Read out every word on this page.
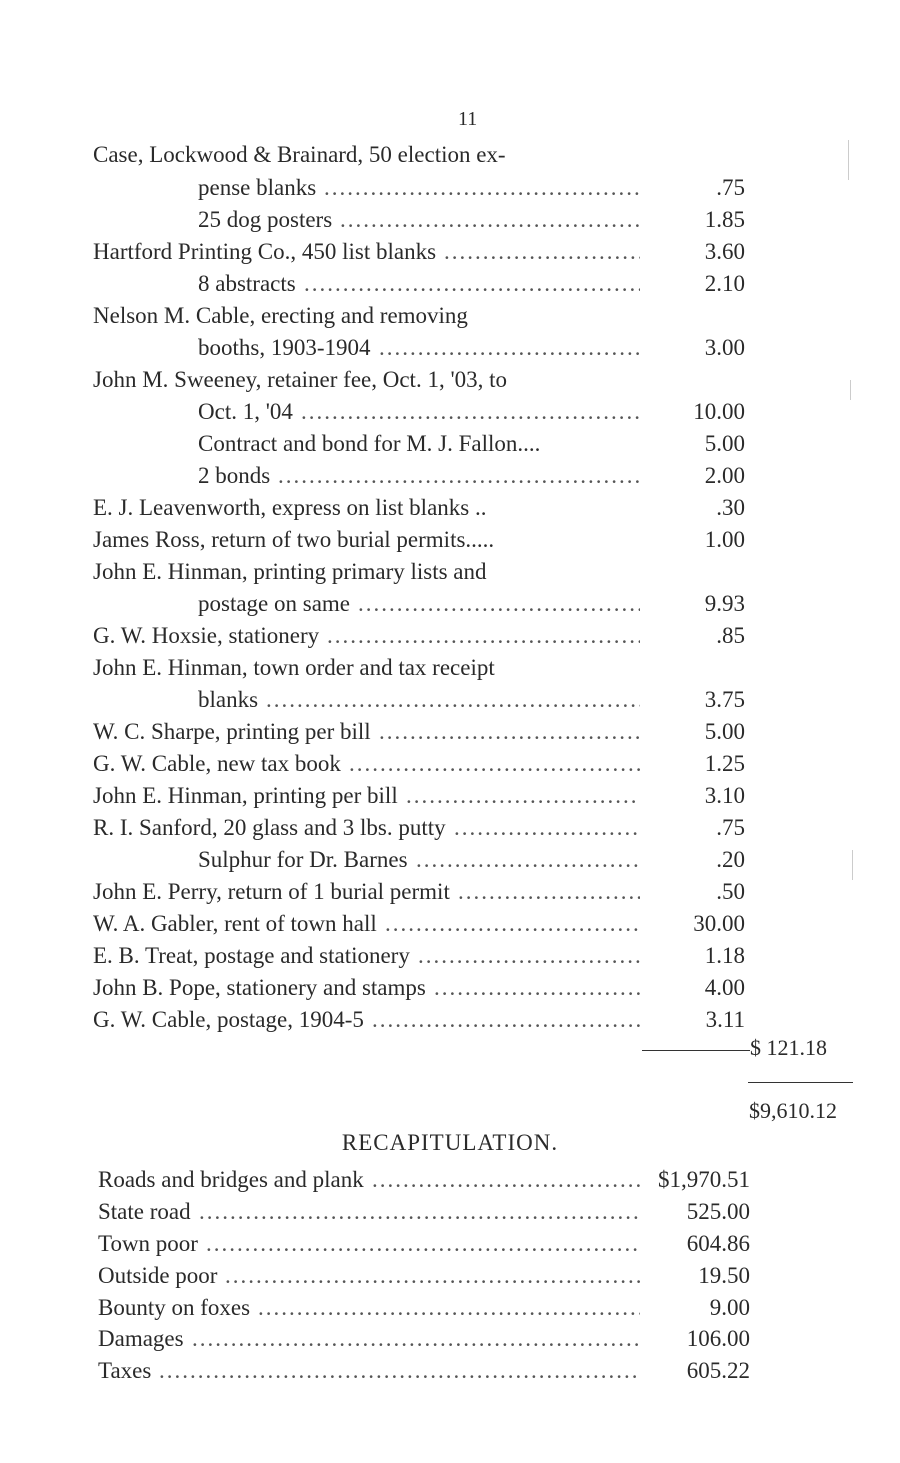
11
Case, Lockwood & Brainard, 50 election ex-
pense blanks .....	.75
25 dog posters .....	1.85
Hartford Printing Co., 450 list blanks .....	3.60
8 abstracts .....	2.10
Nelson M. Cable, erecting and removing
booths, 1903-1904 .....	3.00
John M. Sweeney, retainer fee, Oct. 1, '03, to
Oct. 1, '04 .....	10.00
Contract and bond for M. J. Fallon....	5.00
2 bonds .....	2.00
E. J. Leavenworth, express on list blanks ..	.30
James Ross, return of two burial permits.....	1.00
John E. Hinman, printing primary lists and
postage on same .....	9.93
G. W. Hoxsie, stationery .....	.85
John E. Hinman, town order and tax receipt
blanks .....	3.75
W. C. Sharpe, printing per bill .....	5.00
G. W. Cable, new tax book .....	1.25
John E. Hinman, printing per bill .....	3.10
R. I. Sanford, 20 glass and 3 lbs. putty .....	.75
Sulphur for Dr. Barnes .....	.20
John E. Perry, return of 1 burial permit .....	.50
W. A. Gabler, rent of town hall .....	30.00
E. B. Treat, postage and stationery .....	1.18
John B. Pope, stationery and stamps .....	4.00
G. W. Cable, postage, 1904-5 .....	3.11
$ 121.18
$9,610.12
RECAPITULATION.
Roads and bridges and plank .....	$1,970.51
State road .....	525.00
Town poor .....	604.86
Outside poor .....	19.50
Bounty on foxes .....	9.00
Damages .....	106.00
Taxes .....	605.22
